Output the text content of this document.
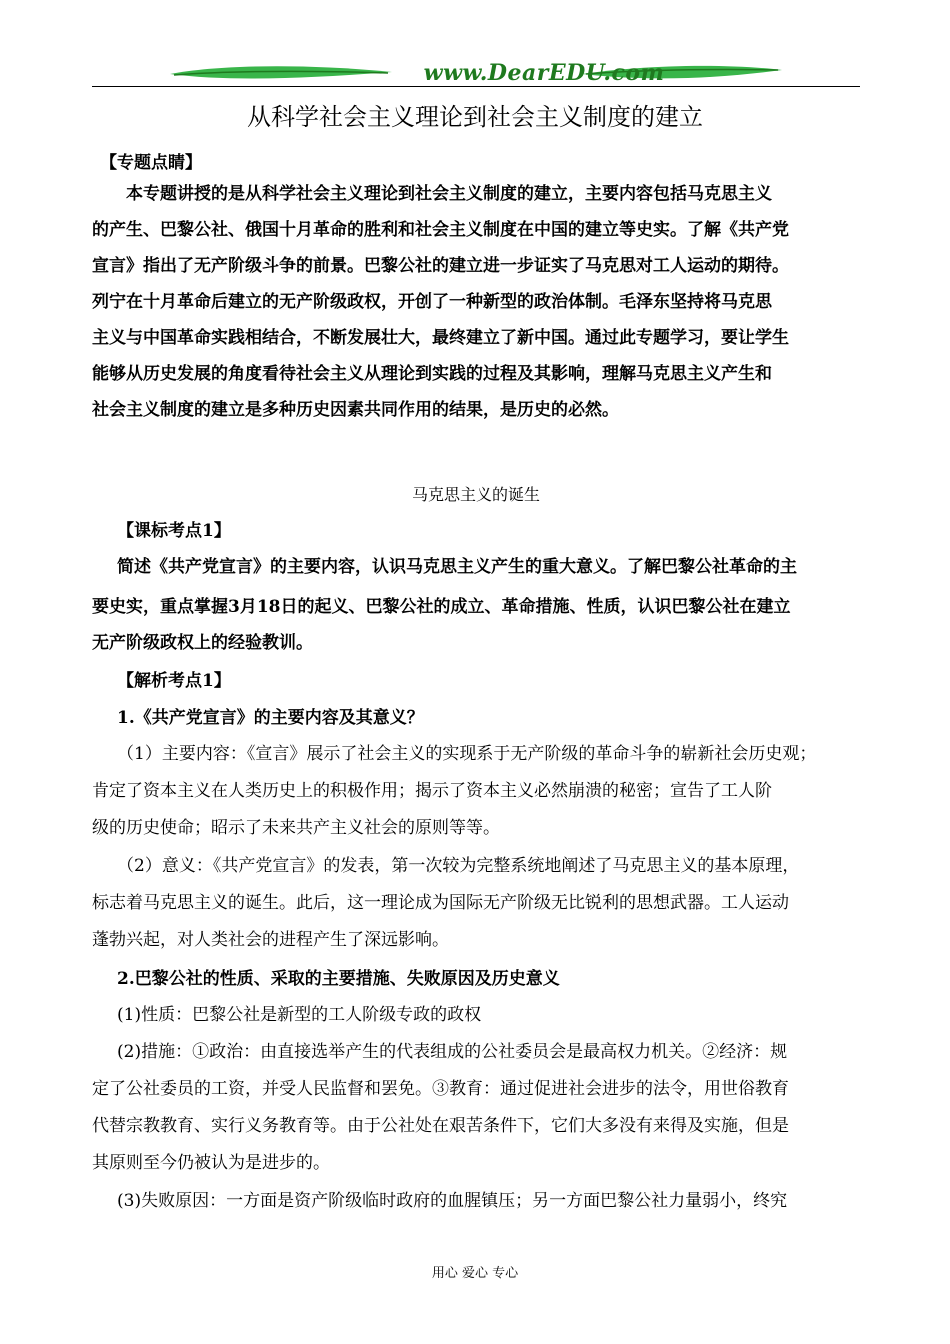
www.DearEDU.com
从科学社会主义理论到社会主义制度的建立
【专题点睛】
本专题讲授的是从科学社会主义理论到社会主义制度的建立，主要内容包括马克思主义
的产生、巴黎公社、俄国十月革命的胜利和社会主义制度在中国的建立等史实。了解《共产党
宣言》指出了无产阶级斗争的前景。巴黎公社的建立进一步证实了马克思对工人运动的期待。
列宁在十月革命后建立的无产阶级政权，开创了一种新型的政治体制。毛泽东坚持将马克思
主义与中国革命实践相结合，不断发展壮大，最终建立了新中国。通过此专题学习，要让学生
能够从历史发展的角度看待社会主义从理论到实践的过程及其影响，理解马克思主义产生和
社会主义制度的建立是多种历史因素共同作用的结果，是历史的必然。
马克思主义的诞生
【课标考点1】
简述《共产党宣言》的主要内容，认识马克思主义产生的重大意义。了解巴黎公社革命的主
要史实，重点掌握3月18日的起义、巴黎公社的成立、革命措施、性质，认识巴黎公社在建立
无产阶级政权上的经验教训。
【解析考点1】
1.《共产党宣言》的主要内容及其意义？
（1）主要内容：《宣言》展示了社会主义的实现系于无产阶级的革命斗争的崭新社会历史观；
肯定了资本主义在人类历史上的积极作用；揭示了资本主义必然崩溃的秘密；宣告了工人阶
级的历史使命；昭示了未来共产主义社会的原则等等。
（2）意义：《共产党宣言》的发表，第一次较为完整系统地阐述了马克思主义的基本原理，
标志着马克思主义的诞生。此后，这一理论成为国际无产阶级无比锐利的思想武器。工人运动
蓬勃兴起，对人类社会的进程产生了深远影响。
2.巴黎公社的性质、采取的主要措施、失败原因及历史意义
(1)性质：巴黎公社是新型的工人阶级专政的政权
(2)措施：①政治：由直接选举产生的代表组成的公社委员会是最高权力机关。②经济：规
定了公社委员的工资，并受人民监督和罢免。③教育：通过促进社会进步的法令，用世俗教育
代替宗教教育、实行义务教育等。由于公社处在艰苦条件下，它们大多没有来得及实施，但是
其原则至今仍被认为是进步的。
(3)失败原因：一方面是资产阶级临时政府的血腥镇压；另一方面巴黎公社力量弱小，终究
用心 爱心 专心
